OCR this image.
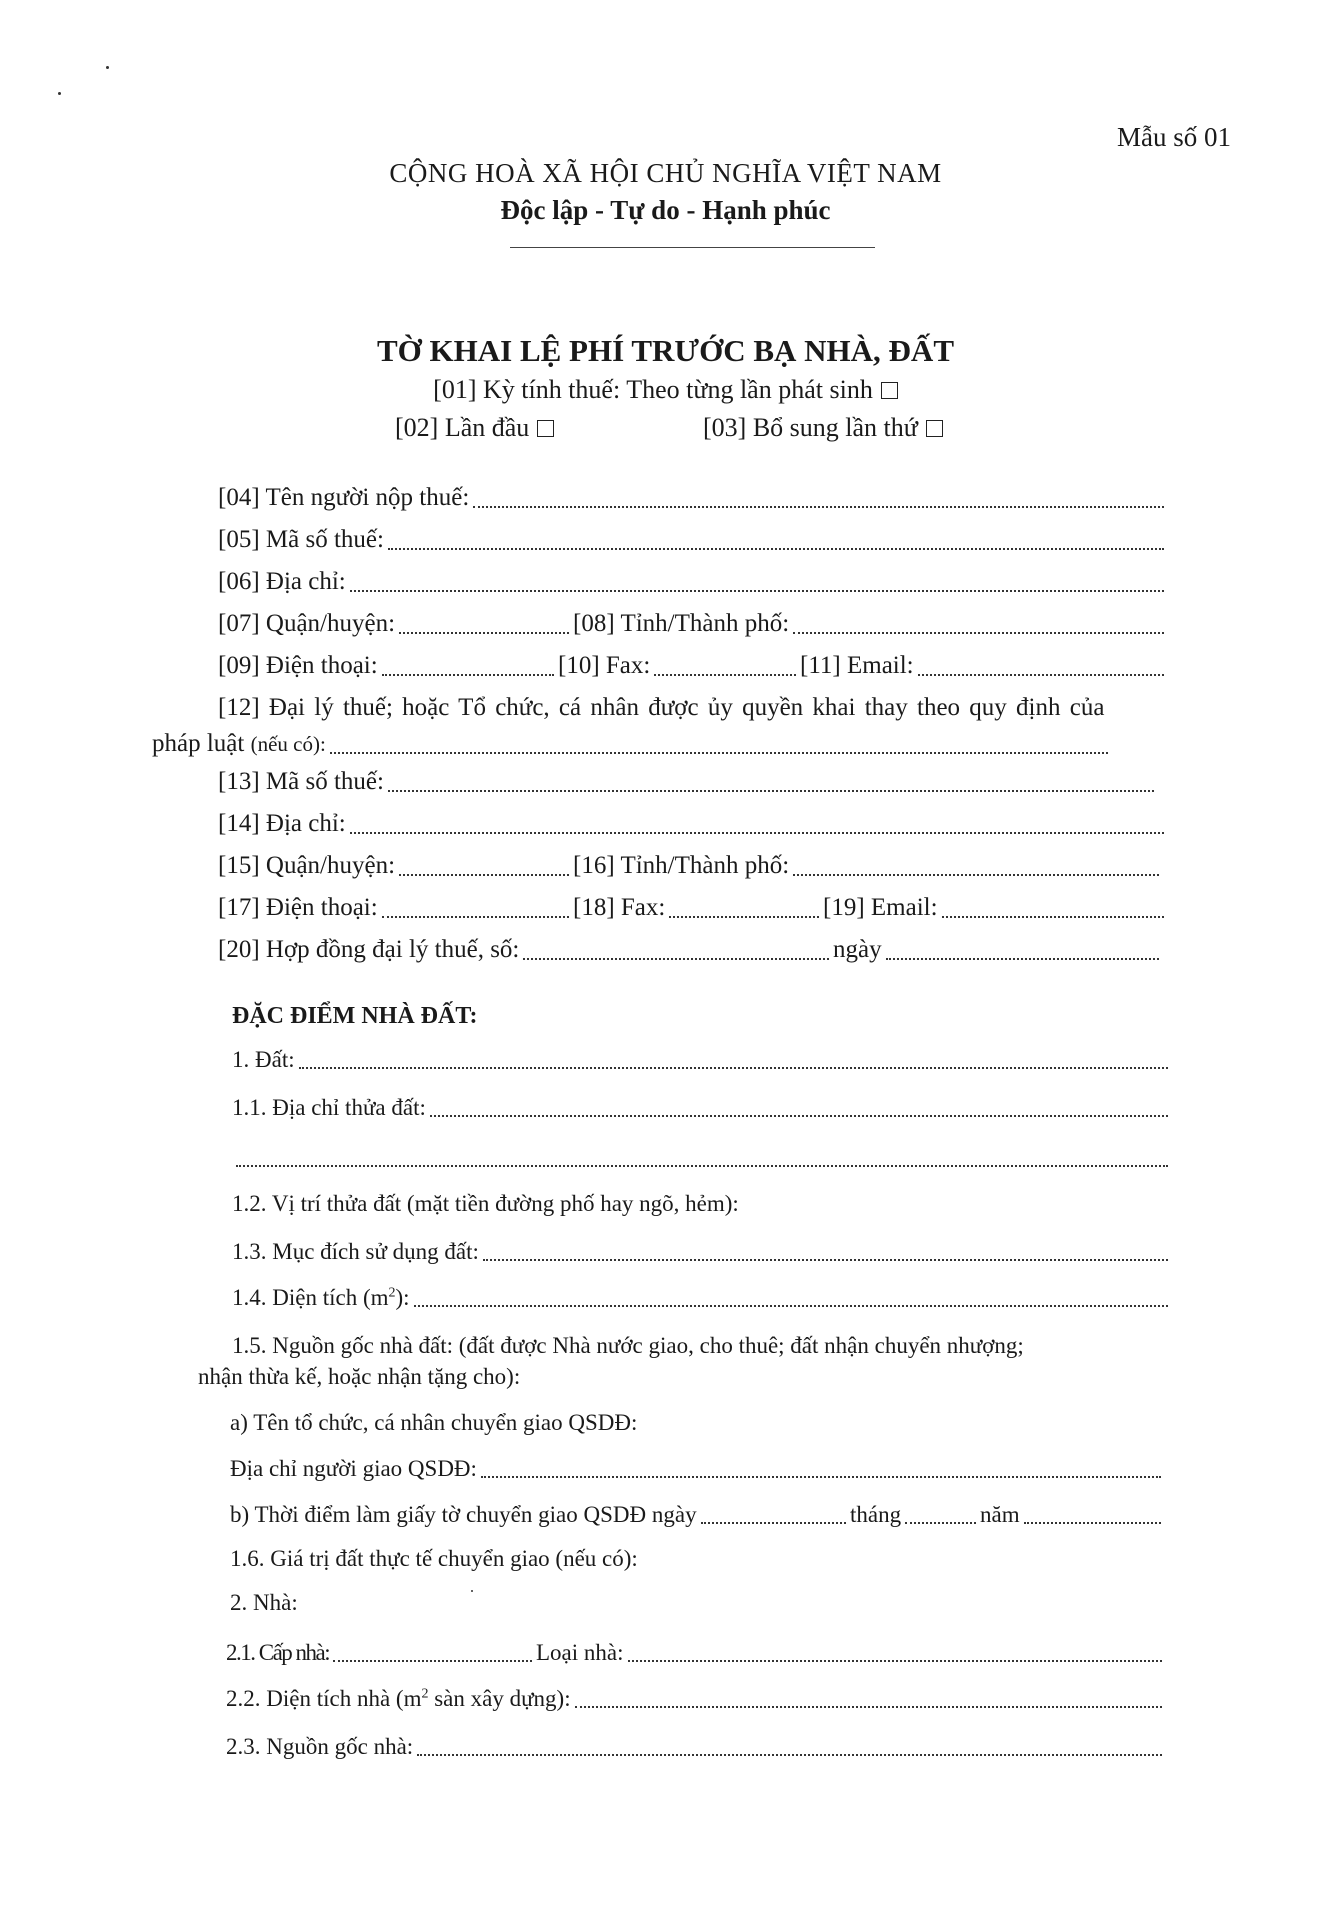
Mẫu số 01
CỘNG HOÀ XÃ HỘI CHỦ NGHĨA VIỆT NAM
Độc lập - Tự do - Hạnh phúc
TỜ KHAI LỆ PHÍ TRƯỚC BẠ NHÀ, ĐẤT
[01] Kỳ tính thuế: Theo từng lần phát sinh
[02] Lần đầu	[03] Bổ sung lần thứ
[04] Tên người nộp thuế:
[05] Mã số thuế:
[06] Địa chỉ:
[07] Quận/huyện:	[08] Tỉnh/Thành phố:
[09] Điện thoại:	[10] Fax:	[11] Email:
[12] Đại lý thuế; hoặc Tổ chức, cá nhân được ủy quyền khai thay theo quy định của
pháp luật
(nếu có):
[13] Mã số thuế:
[14] Địa chỉ:
[15] Quận/huyện:	[16] Tỉnh/Thành phố:
[17] Điện thoại:	[18] Fax:	[19] Email:
[20] Hợp đồng đại lý thuế, số:	ngày
ĐẶC ĐIỂM NHÀ ĐẤT:
1. Đất:
1.1. Địa chỉ thửa đất:
1.2. Vị trí thửa đất (mặt tiền đường phố hay ngõ, hẻm):
1.3. Mục đích sử dụng đất:
1.4. Diện tích $(m^2)$:
1.5. Nguồn gốc nhà đất: (đất được Nhà nước giao, cho thuê; đất nhận chuyển nhượng;
nhận thừa kế, hoặc nhận tặng cho):
a) Tên tổ chức, cá nhân chuyển giao QSDĐ:
Địa chỉ người giao QSDĐ:
b) Thời điểm làm giấy tờ chuyển giao QSDĐ ngày	tháng	năm
1.6. Giá trị đất thực tế chuyển giao (nếu có):
2. Nhà:
2.1. Cấp nhà:	Loại nhà:
2.2. Diện tích nhà ($m^2$ sàn xây dựng):
2.3. Nguồn gốc nhà:
